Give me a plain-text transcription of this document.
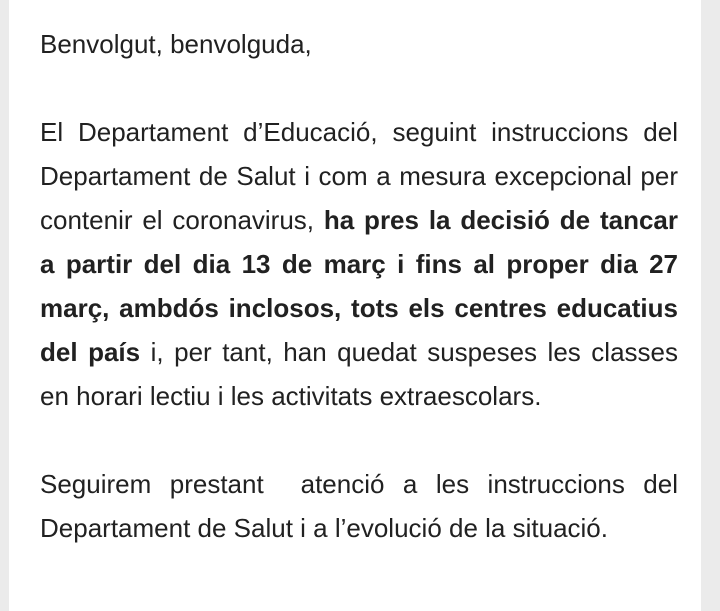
Benvolgut, benvolguda,

El Departament d’Educació, seguint instruccions del Departament de Salut i com a mesura excepcional per contenir el coronavirus, ha pres la decisió de tancar a partir del dia 13 de març i fins al proper dia 27 març, ambdós inclosos, tots els centres educatius del país i, per tant, han quedat suspeses les classes en horari lectiu i les activitats extraescolars.

Seguirem prestant  atenció a les instruccions del Departament de Salut i a l’evolució de la situació.
